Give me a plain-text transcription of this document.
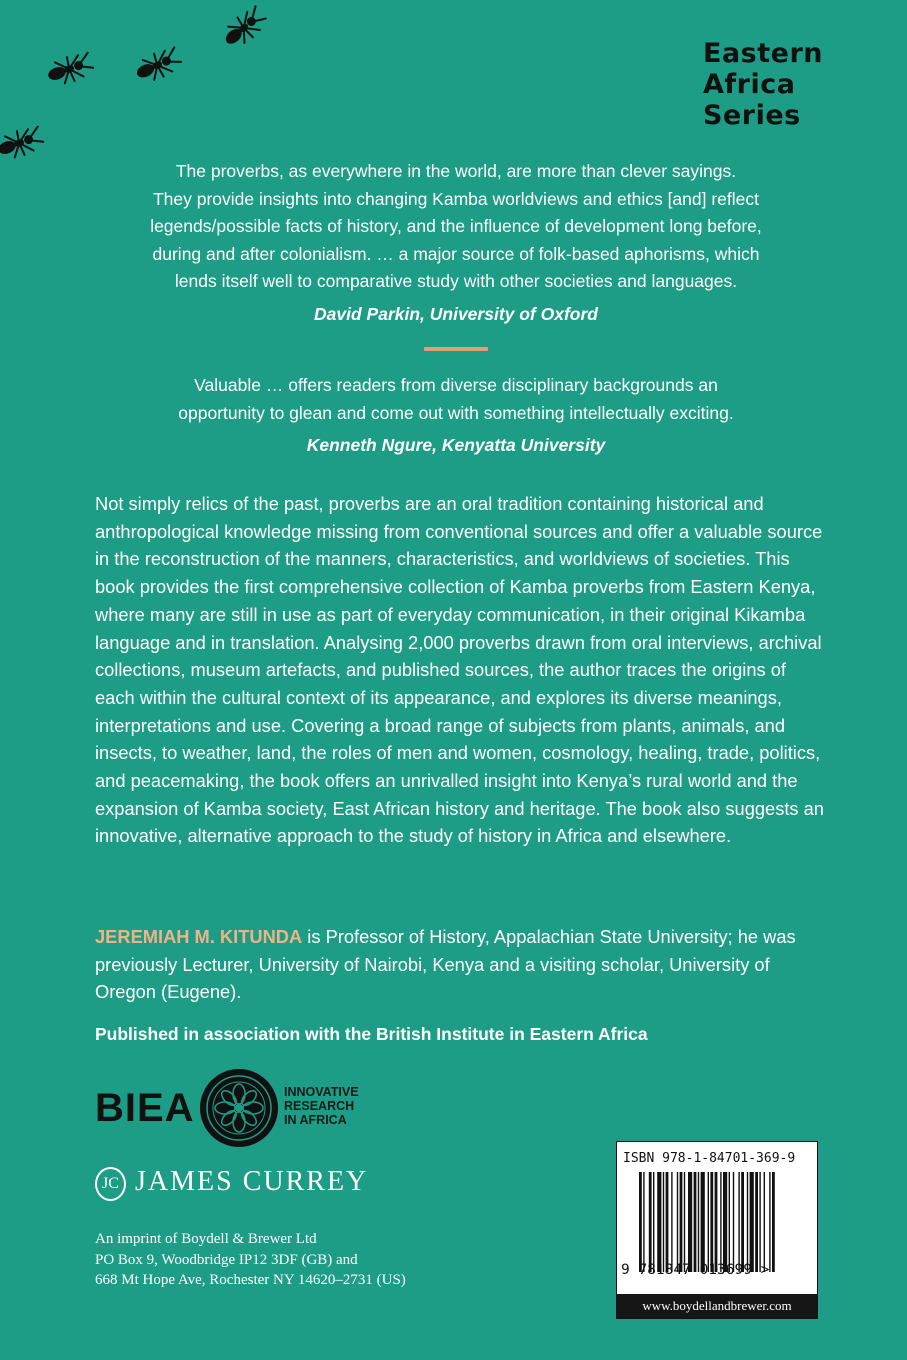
Eastern
Africa
Series
The proverbs, as everywhere in the world, are more than clever sayings.
They provide insights into changing Kamba worldviews and ethics [and] reflect
legends/possible facts of history, and the influence of development long before,
during and after colonialism. … a major source of folk-based aphorisms, which
lends itself well to comparative study with other societies and languages.
David Parkin, University of Oxford
Valuable … offers readers from diverse disciplinary backgrounds an
opportunity to glean and come out with something intellectually exciting.
Kenneth Ngure, Kenyatta University

Not simply relics of the past, proverbs are an oral tradition containing historical and anthropological knowledge missing from conventional sources and offer a valuable source in the reconstruction of the manners, characteristics, and worldviews of societies. This book provides the first comprehensive collection of Kamba proverbs from Eastern Kenya, where many are still in use as part of everyday communication, in their original Kikamba language and in translation. Analysing 2,000 proverbs drawn from oral interviews, archival collections, museum artefacts, and published sources, the author traces the origins of each within the cultural context of its appearance, and explores its diverse meanings, interpretations and use. Covering a broad range of subjects from plants, animals, and insects, to weather, land, the roles of men and women, cosmology, healing, trade, politics, and peacemaking, the book offers an unrivalled insight into Kenya’s rural world and the expansion of Kamba society, East African history and heritage. The book also suggests an innovative, alternative approach to the study of history in Africa and elsewhere.

JEREMIAH M. KITUNDA is Professor of History, Appalachian State University; he was previously Lecturer, University of Nairobi, Kenya and a visiting scholar, University of Oregon (Eugene).
Published in association with the British Institute in Eastern Africa
BIEA	INNOVATIVE
RESEARCH
IN AFRICA
JC JAMES CURREY
An imprint of Boydell & Brewer Ltd
PO Box 9, Woodbridge IP12 3DF (GB) and
668 Mt Hope Ave, Rochester NY 14620–2731 (US)
ISBN 978-1-84701-369-9
9 781847 013699 >
www.boydellandbrewer.com
